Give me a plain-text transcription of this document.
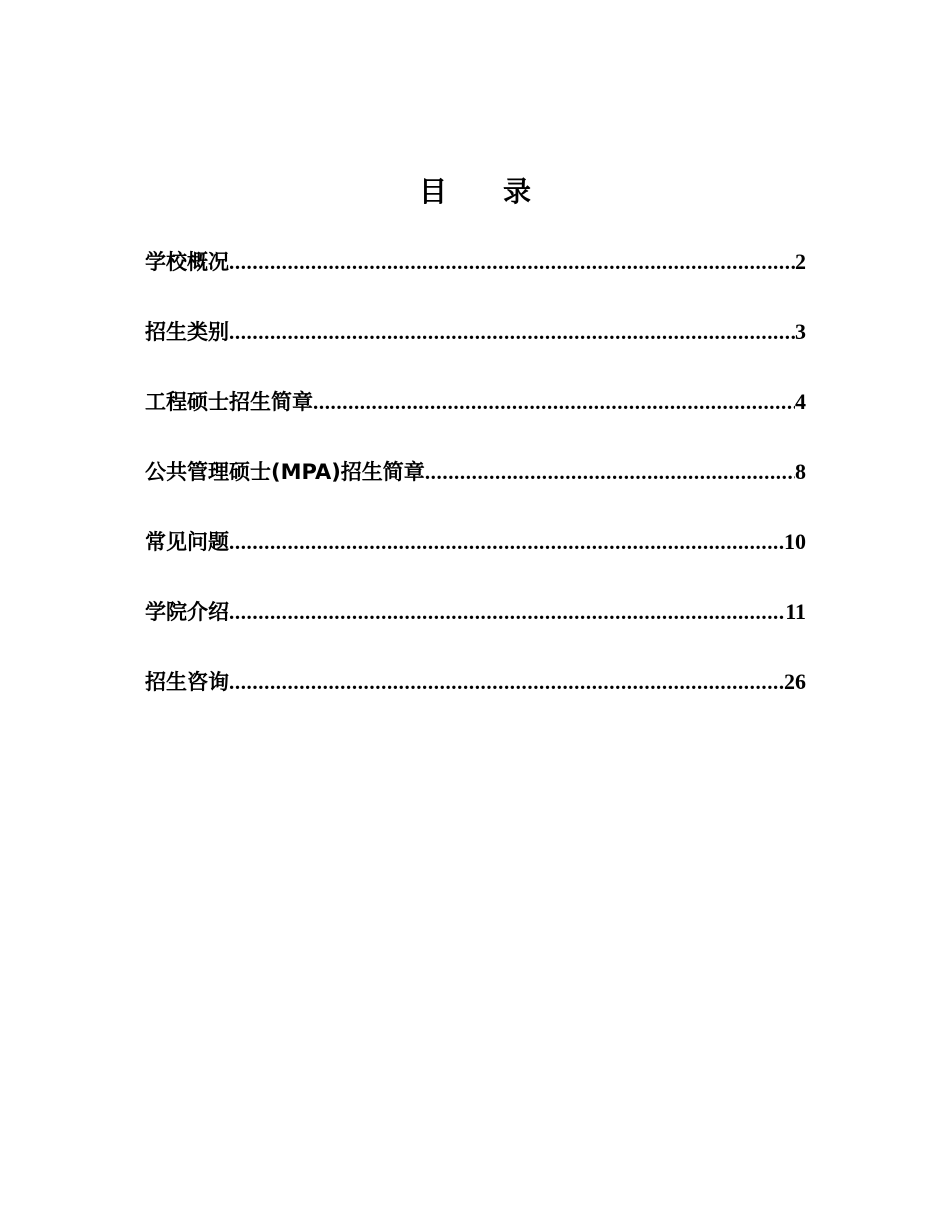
目　　录
学校概况 .....	2
招生类别 .....	3
工程硕士招生简章 .....	4
公共管理硕士(MPA)招生简章 .....	8
常见问题 .....	10
学院介绍 .....	11
招生咨询 .....	26
